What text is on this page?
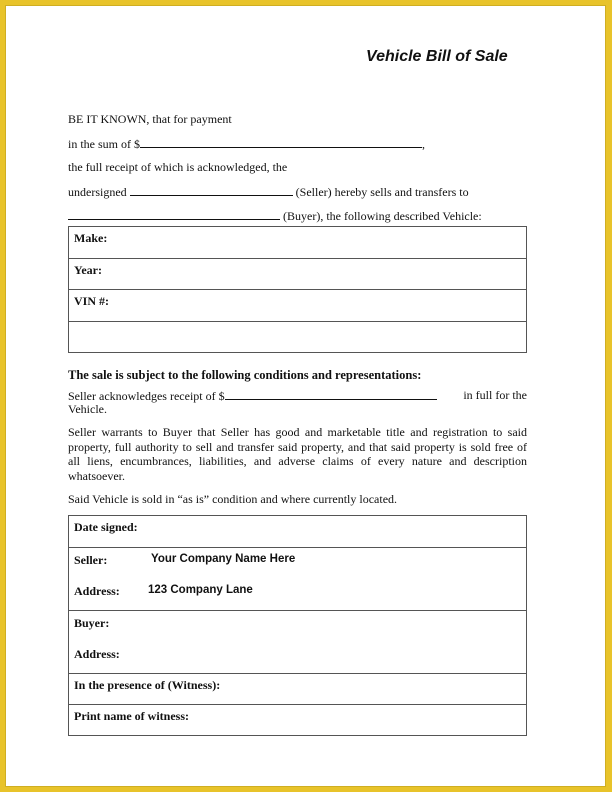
Vehicle Bill of Sale
BE IT KNOWN, that for payment
in the sum of $	,
the full receipt of which is acknowledged, the
undersigned	(Seller) hereby sells and transfers to
(Buyer), the following described Vehicle:
Make:
Year:
VIN #:
The sale is subject to the following conditions and representations:
Seller acknowledges receipt of $	in full for the
Vehicle.
Seller warrants to Buyer that Seller has good and marketable title and registration to said property, full authority to sell and transfer said property, and that said property is sold free of all liens, encumbrances, liabilities, and adverse claims of every nature and description whatsoever.
Said Vehicle is sold in “as is” condition and where currently located.
Date signed:
Seller:	Your Company Name Here
Address: 123 Company Lane
Buyer:
Address:
In the presence of (Witness):
Print name of witness:
